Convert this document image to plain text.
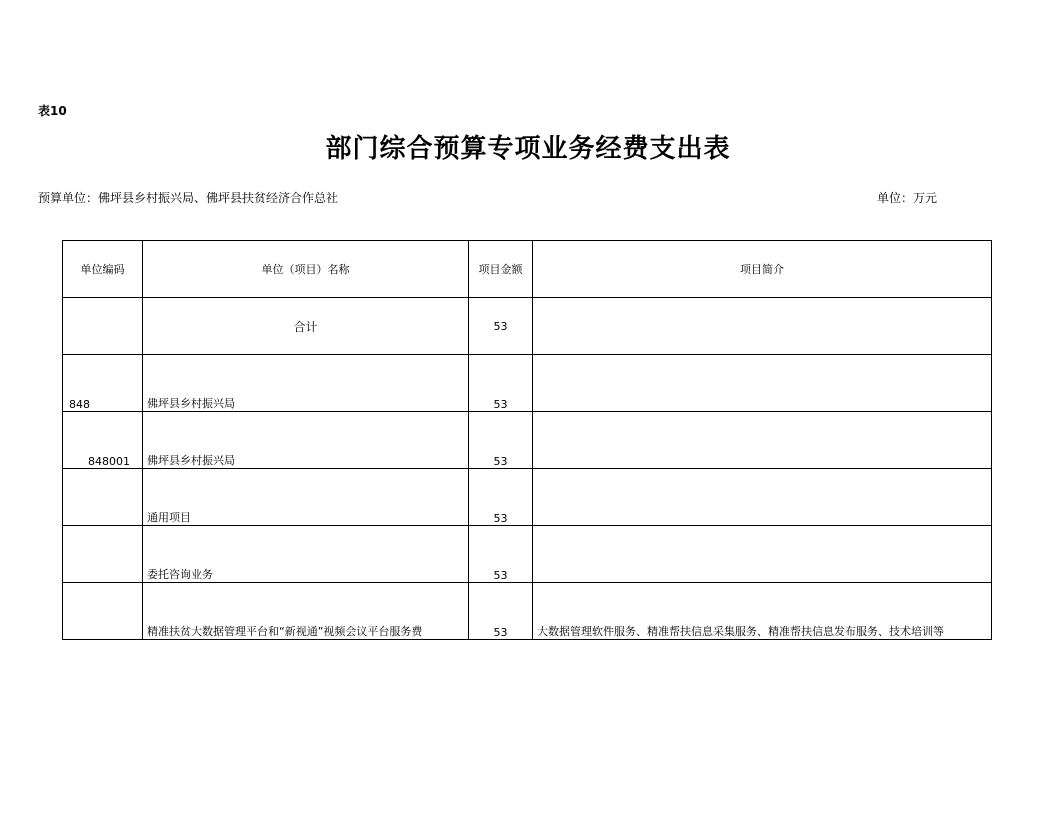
表10
部门综合预算专项业务经费支出表
预算单位：佛坪县乡村振兴局、佛坪县扶贫经济合作总社	单位：万元
单位编码	单位（项目）名称	项目金额	项目简介
	合计	53	
848	佛坪县乡村振兴局	53	
848001	佛坪县乡村振兴局	53	
	通用项目	53	
	委托咨询业务	53	
	精准扶贫大数据管理平台和“新视通”视频会议平台服务费	53	大数据管理软件服务、精准帮扶信息采集服务、精准帮扶信息发布服务、技术培训等
